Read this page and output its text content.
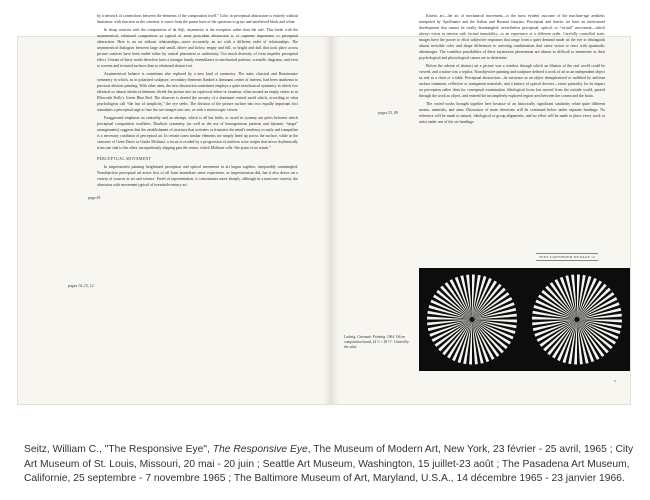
by a network of connections between the elements of the composition itself.” Color in perceptual abstraction is entirely without limitation: with function as the criterion, it varies from the purest hues of the spectrum to grays and unrelieved black and white.

In sharp contrast with the composition of de Stijl, asymmetry is the exception rather than the rule. This break with the asymmetrical, relational composition so typical of most postcubist abstraction is of supreme importance to perceptual abstraction. Here is an art without relationships—more accurately, an art with a different order of relationships. The asymmetrical dialogues between large and small, above and below, empty and full, or bright and dull that took place across picture surfaces have been ended either by central placement or uniformity. Too much diversity of form impedes perceptual effect. Certain of these works therefore have a stronger family resemblance to mechanical patterns, scientific diagrams, and even to screens and textured surfaces than to relational abstract art.

Asymmetrical balance is sometimes also replaced by a new kind of symmetry. The static classical and Renaissance symmetry in which, as in polarized sculpture, secondary elements flanked a dominant center of interest, had been anathema to previous abstract painting. With other aims, the new abstraction sometimes employs a quite nonclassical symmetry in which two identical or almost identical elements divide the picture into an equivocal either-or situation, often around an empty center as in Ellsworth Kelly's Green Blue Red. The observer is denied the security of a dominant central motif which, according to what psychologists call “the law of simplicity,” the eye seeks. The division of the picture surface into two equally important foci stimulates a perceptual urge to fuse the two images into one, as with a stereoscopic viewer.

Exaggerated emphasis on centrality and an attempt, which is all but futile, to avoid its tyranny are poles between which perceptual composition oscillates. Dualistic symmetry (as well as the use of homogeneous patterns and dynamic “target” arrangements) suggests that the establishment of structure that activates or frustrates the mind's tendency to unify and tranquilize is a necessary condition of perceptual art. In certain cases similar elements are simply lined up across the surface, while in the canvases of Gene Davis or Guido Molinari, a focus is evaded by a progression of uniform color stripes that move rhythmically from one side to the other, surreptitiously slipping past the center, which Molinari calls “the point of no return.”

PERCEPTUAL MOVEMENT

In impressionist painting heightened perception and optical movement in art began together, inseparably commingled. Nonobjective perceptual art arises first of all from immediate sense experience, as impressionism did, but it also draws on a variety of sources in art and science. Freed of representation, it concentrates more sharply, although in a narrower context, the obsession with movement typical of twentieth-century art.

page 45
pages 14–15, 12
pages 23, 49

Kinetic art—the art of mechanical movement—is the most evident outcome of the machine-age aesthetic trumpeted by Apollinaire and the Italian and Russian futurists. Perceptual and kinetic art have an intertwined development that cannot be totally disentangled; nevertheless perceptual, optical, or “virtual” movement—which always exists in tension with factual immobility—is an experience of a different order. Carefully controlled static images have the power to elicit subjective responses that range from a quiet demand made on the eye to distinguish almost invisible color and shape differences to arresting combinations that cause vision to react with spasmodic afterimages. The countless possibilities of these mysterious phenomena are almost as difficult to enumerate as their psychological and physiological causes are to determine.

Before the advent of abstract art a picture was a window through which an illusion of the real world could be viewed, and a statue was a replica. Nonobjective painting and sculpture defined a work of art as an independent object as real as a chair or a table. Perceptual abstraction—its existence as an object deemphasized or nullified by uniform surface treatment, reflective or transparent materials, and a battery of optical devices—exists primarily for its impact on perception rather than for conceptual examination. Ideological focus has moved from the outside world, passed through the work as object, and entered the incompletely explored region area between the cornea and the brain.

The varied works brought together here because of an historically significant similarity relate quite different means, materials, and aims. Discussion of main directions will be continued below under separate headings. No reference will be made to natural, ideological or group alignments, and no effort will be made to place every work or artist under one of the six headings.

TEXT CONTINUED ON PAGE 12
Ludwig: Cinematic Painting. 1964. Oil on composition board, 24 ½ × 48 ½". Owned by the artist
9
Seitz, William C., "The Responsive Eye", The Responsive Eye, The Museum of Modern Art, New York, 23 février - 25 avril, 1965 ; City Art Museum of St. Louis, Missouri, 20 mai - 20 juin ; Seattle Art Museum, Washington, 15 juillet-23 août ; The Pasadena Art Museum, Californie, 25 septembre - 7 novembre 1965 ; The Baltimore Museum of Art, Maryland, U.S.A., 14 décembre 1965 - 23 janvier 1966.
